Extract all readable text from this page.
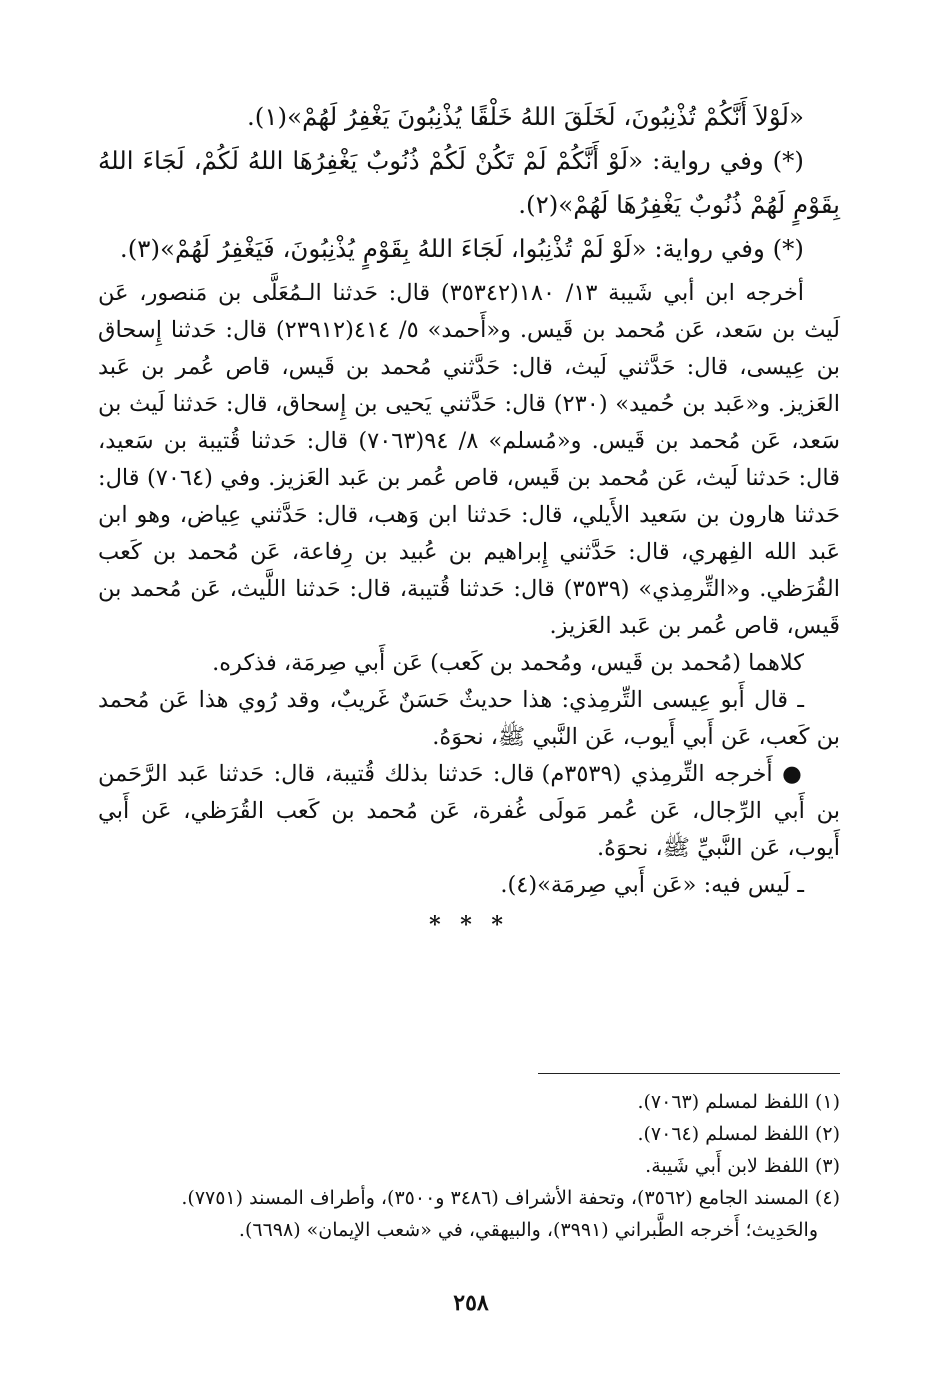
«لَوْلاَ أَنَّكُمْ تُذْنِبُونَ، لَخَلَقَ اللهُ خَلْقًا يُذْنِبُونَ يَغْفِرُ لَهُمْ»(١).

(*) وفي رواية: «لَوْ أَنَّكُمْ لَمْ تَكُنْ لَكُمْ ذُنُوبٌ يَغْفِرُهَا اللهُ لَكُمْ، لَجَاءَ اللهُ بِقَوْمٍ لَهُمْ ذُنُوبٌ يَغْفِرُهَا لَهُمْ»(٢).

(*) وفي رواية: «لَوْ لَمْ تُذْنِبُوا، لَجَاءَ اللهُ بِقَوْمٍ يُذْنِبُونَ، فَيَغْفِرُ لَهُمْ»(٣).

أخرجه ابن أبي شَيبة ١٣/ ١٨٠(٣٥٣٤٢) قال: حَدثنا الـمُعَلَّى بن مَنصور، عَن لَيث بن سَعد، عَن مُحمد بن قَيس. و«أَحمد» ٥/ ٤١٤(٢٣٩١٢) قال: حَدثنا إِسحاق بن عِيسى، قال: حَدَّثني لَيث، قال: حَدَّثني مُحمد بن قَيس، قاص عُمر بن عَبد العَزيز. و«عَبد بن حُميد» (٢٣٠) قال: حَدَّثني يَحيى بن إِسحاق، قال: حَدثنا لَيث بن سَعد، عَن مُحمد بن قَيس. و«مُسلم» ٨/ ٩٤(٧٠٦٣) قال: حَدثنا قُتيبة بن سَعيد، قال: حَدثنا لَيث، عَن مُحمد بن قَيس، قاص عُمر بن عَبد العَزيز. وفي (٧٠٦٤) قال: حَدثنا هارون بن سَعيد الأَيلي، قال: حَدثنا ابن وَهب، قال: حَدَّثني عِياض، وهو ابن عَبد الله الفِهري، قال: حَدَّثني إِبراهيم بن عُبيد بن رِفاعة، عَن مُحمد بن كَعب القُرَظي. و«التِّرمِذي» (٣٥٣٩) قال: حَدثنا قُتيبة، قال: حَدثنا اللَّيث، عَن مُحمد بن قَيس، قاص عُمر بن عَبد العَزيز.

كلاهما (مُحمد بن قَيس، ومُحمد بن كَعب) عَن أَبي صِرمَة، فذكره.

ـ قال أَبو عِيسى التِّرمِذي: هذا حديثٌ حَسَنٌ غَريبٌ، وقد رُوي هذا عَن مُحمد بن كَعب، عَن أَبي أَيوب، عَن النَّبي ﷺ، نحوَهُ.

● أَخرجه التِّرمِذي (٣٥٣٩م) قال: حَدثنا بذلك قُتيبة، قال: حَدثنا عَبد الرَّحَمن بن أَبي الرِّجال، عَن عُمر مَولَى غُفرة، عَن مُحمد بن كَعب القُرَظي، عَن أَبي أَيوب، عَن النَّبيِّ ﷺ، نحوَهُ.

ـ لَيس فيه: «عَن أَبي صِرمَة»(٤).

* * *

(١) اللفظ لمسلم (٧٠٦٣).

(٢) اللفظ لمسلم (٧٠٦٤).

(٣) اللفظ لابن أَبي شَيبة.

(٤) المسند الجامع (٣٥٦٢)، وتحفة الأشراف (٣٤٨٦ و٣٥٠٠)، وأطراف المسند (٧٧٥١).

والحَدِيث؛ أَخرجه الطَّبراني (٣٩٩١)، والبيهقي، في «شعب الإيمان» (٦٦٩٨).

٢٥٨
